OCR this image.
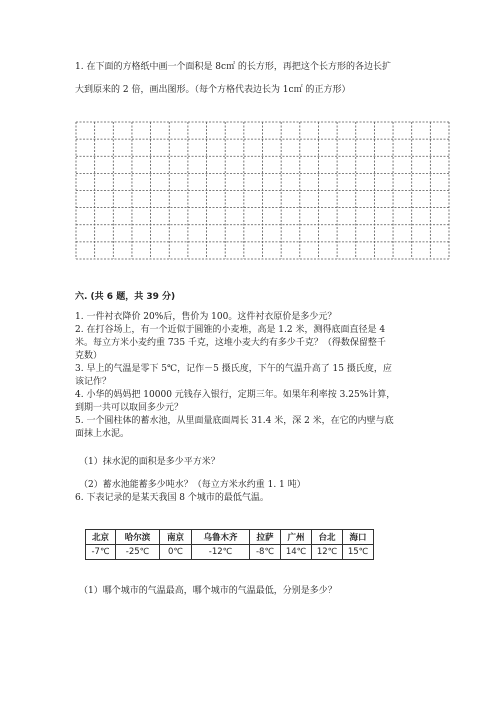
1. 在下面的方格纸中画一个面积是 8c㎡ 的长方形，再把这个长方形的各边长扩
大到原来的 2 倍，画出图形。（每个方格代表边长为 1c㎡ 的正方形）
六. (共 6 题，共 39 分)
1. 一件衬衣降价 20%后，售价为 100。这件衬衣原价是多少元？
2. 在打谷场上，有一个近似于圆锥的小麦堆，高是 1.2 米，测得底面直径是 4
米。每立方米小麦约重 735 千克，这堆小麦大约有多少千克？（得数保留整千
克数）
3. 早上的气温是零下 5℃，记作－5 摄氏度，下午的气温升高了 15 摄氏度，应
该记作？
4. 小华的妈妈把 10000 元钱存入银行，定期三年。如果年利率按 3.25%计算，
到期一共可以取回多少元？
5. 一个圆柱体的蓄水池，从里面量底面周长 31.4 米，深 2 米，在它的内壁与底
面抹上水泥。
（1）抹水泥的面积是多少平方米？
（2）蓄水池能蓄多少吨水？（每立方米水约重 1. 1 吨）
6. 下表记录的是某天我国 8 个城市的最低气温。
北京	哈尔滨	南京	乌鲁木齐	拉萨	广州	台北	海口
-7℃	-25℃	0℃	-12℃	-8℃	14℃	12℃	15℃
（1）哪个城市的气温最高，哪个城市的气温最低，分别是多少？
